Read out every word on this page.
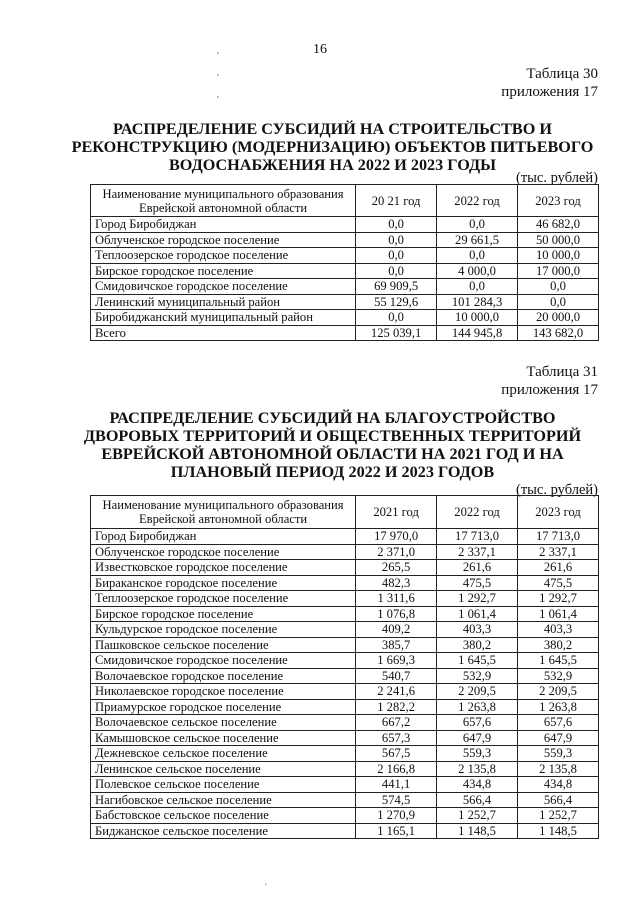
16
'
'
'
Таблица 30
приложения 17
РАСПРЕДЕЛЕНИЕ СУБСИДИЙ НА СТРОИТЕЛЬСТВО И
РЕКОНСТРУКЦИЮ (МОДЕРНИЗАЦИЮ) ОБЪЕКТОВ ПИТЬЕВОГО
ВОДОСНАБЖЕНИЯ НА 2022 И 2023 ГОДЫ
(тыс. рублей)
Наименование муниципального образования Еврейской автономной области	20 21 год	2022 год	2023 год
Город Биробиджан	0,0	0,0	46 682,0
Облученское городское поселение	0,0	29 661,5	50 000,0
Теплоозерское городское поселение	0,0	0,0	10 000,0
Бирское городское поселение	0,0	4 000,0	17 000,0
Смидовичское городское поселение	69 909,5	0,0	0,0
Ленинский муниципальный район	55 129,6	101 284,3	0,0
Биробиджанский муниципальный район	0,0	10 000,0	20 000,0
Всего	125 039,1	144 945,8	143 682,0
Таблица 31
приложения 17
РАСПРЕДЕЛЕНИЕ СУБСИДИЙ НА БЛАГОУСТРОЙСТВО
ДВОРОВЫХ ТЕРРИТОРИЙ И ОБЩЕСТВЕННЫХ ТЕРРИТОРИЙ
ЕВРЕЙСКОЙ АВТОНОМНОЙ ОБЛАСТИ НА 2021 ГОД И НА
ПЛАНОВЫЙ ПЕРИОД 2022 И 2023 ГОДОВ
(тыс. рублей)
Наименование муниципального образования Еврейской автономной области	2021 год	2022 год	2023 год
Город Биробиджан	17 970,0	17 713,0	17 713,0
Облученское городское поселение	2 371,0	2 337,1	2 337,1
Известковское городское поселение	265,5	261,6	261,6
Бираканское городское поселение	482,3	475,5	475,5
Теплоозерское городское поселение	1 311,6	1 292,7	1 292,7
Бирское городское поселение	1 076,8	1 061,4	1 061,4
Кульдурское городское поселение	409,2	403,3	403,3
Пашковское сельское поселение	385,7	380,2	380,2
Смидовичское городское поселение	1 669,3	1 645,5	1 645,5
Волочаевское городское поселение	540,7	532,9	532,9
Николаевское городское поселение	2 241,6	2 209,5	2 209,5
Приамурское городское поселение	1 282,2	1 263,8	1 263,8
Волочаевское сельское поселение	667,2	657,6	657,6
Камышовское сельское поселение	657,3	647,9	647,9
Дежневское сельское поселение	567,5	559,3	559,3
Ленинское сельское поселение	2 166,8	2 135,8	2 135,8
Полевское сельское поселение	441,1	434,8	434,8
Нагибовское сельское поселение	574,5	566,4	566,4
Бабстовское сельское поселение	1 270,9	1 252,7	1 252,7
Биджанское сельское поселение	1 165,1	1 148,5	1 148,5
'
